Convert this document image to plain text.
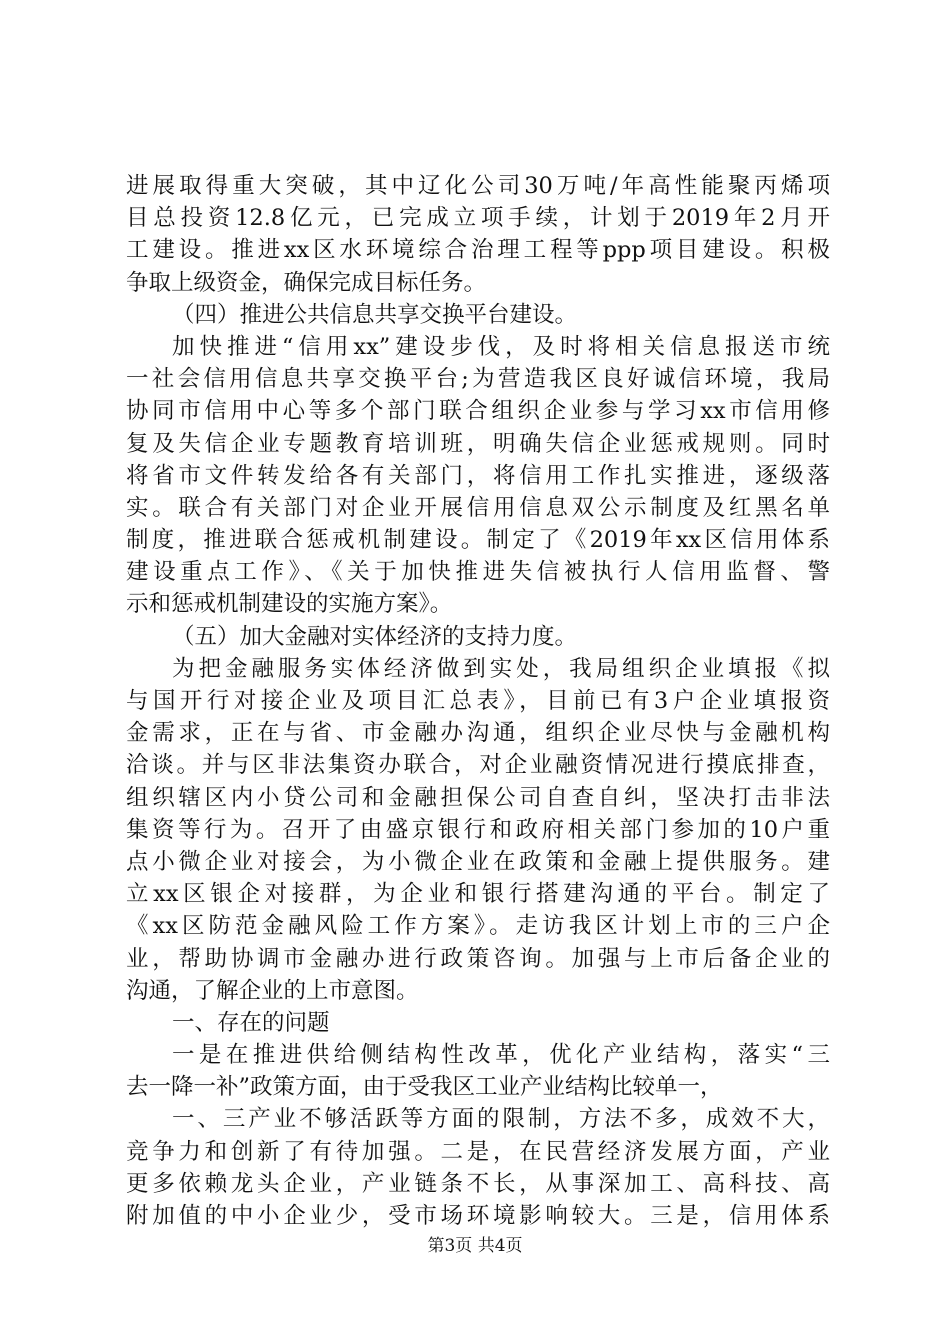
进展取得重大突破，其中辽化公司30万吨/年高性能聚丙烯项
目总投资12.8亿元，已完成立项手续，计划于2019年2月开
工建设。推进xx区水环境综合治理工程等ppp项目建设。积极
争取上级资金，确保完成目标任务。
（四）推进公共信息共享交换平台建设。
加快推进“信用xx”建设步伐，及时将相关信息报送市统
一社会信用信息共享交换平台;为营造我区良好诚信环境，我局
协同市信用中心等多个部门联合组织企业参与学习xx市信用修
复及失信企业专题教育培训班，明确失信企业惩戒规则。同时
将省市文件转发给各有关部门，将信用工作扎实推进，逐级落
实。联合有关部门对企业开展信用信息双公示制度及红黑名单
制度，推进联合惩戒机制建设。制定了《2019年xx区信用体系
建设重点工作》、《关于加快推进失信被执行人信用监督、警
示和惩戒机制建设的实施方案》。
（五）加大金融对实体经济的支持力度。
为把金融服务实体经济做到实处，我局组织企业填报《拟
与国开行对接企业及项目汇总表》，目前已有3户企业填报资
金需求，正在与省、市金融办沟通，组织企业尽快与金融机构
洽谈。并与区非法集资办联合，对企业融资情况进行摸底排查，
组织辖区内小贷公司和金融担保公司自查自纠，坚决打击非法
集资等行为。召开了由盛京银行和政府相关部门参加的10户重
点小微企业对接会，为小微企业在政策和金融上提供服务。建
立xx区银企对接群，为企业和银行搭建沟通的平台。制定了
《xx区防范金融风险工作方案》。走访我区计划上市的三户企
业，帮助协调市金融办进行政策咨询。加强与上市后备企业的
沟通，了解企业的上市意图。
一、存在的问题
一是在推进供给侧结构性改革，优化产业结构，落实“三
去一降一补”政策方面，由于受我区工业产业结构比较单一，
一、三产业不够活跃等方面的限制，方法不多，成效不大，
竞争力和创新了有待加强。二是，在民营经济发展方面，产业
更多依赖龙头企业，产业链条不长，从事深加工、高科技、高
附加值的中小企业少，受市场环境影响较大。三是，信用体系
第3页 共4页
